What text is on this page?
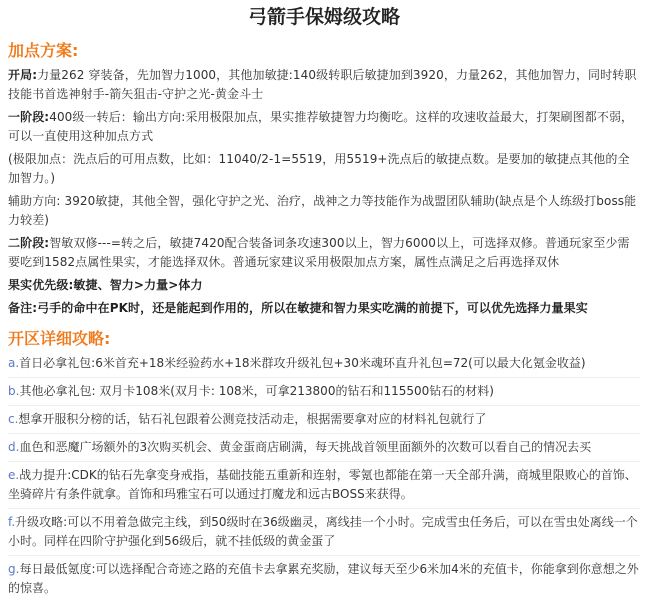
弓箭手保姆级攻略
加点方案:

开局:力量262 穿装备，先加智力1000，其他加敏捷:140级转职后敏捷加到3920，力量262，其他加智力，同时转职技能书首选神射手-箭矢狙击-守护之光-黄金斗士

一阶段:400级一转后：输出方向:采用极限加点，果实推荐敏捷智力均衡吃。这样的攻速收益最大，打架刷图都不弱，可以一直使用这种加点方式

(极限加点：洗点后的可用点数，比如：11040/2-1=5519，用5519+洗点后的敏捷点数。是要加的敏捷点其他的全加智力。)

辅助方向: 3920敏捷，其他全智，强化守护之光、治疗，战神之力等技能作为战盟团队辅助(缺点是个人练级打boss能力较差)

二阶段:智敏双修---=转之后，敏捷7420配合装备词条攻速300以上，智力6000以上，可选择双修。普通玩家至少需要吃到1582点属性果实，才能选择双休。普通玩家建议采用极限加点方案，属性点满足之后再选择双休

果实优先级:敏捷、智力>力量>体力

备注:弓手的命中在PK时，还是能起到作用的，所以在敏捷和智力果实吃满的前提下，可以优先选择力量果实

开区详细攻略:
a.首日必拿礼包:6米首充+18米经验药水+18米群攻升级礼包+30米魂环直升礼包=72(可以最大化氪金收益)
b.其他必拿礼包: 双月卡108米(双月卡: 108米，可拿213800的钻石和115500钻石的材料)
c.想拿开服积分榜的话，钻石礼包跟着公测竞技活动走，根据需要拿对应的材料礼包就行了
d.血色和恶魔广场额外的3次购买机会、黄金蛋商店刷满，每天挑战首领里面额外的次数可以看自己的情况去买
e.战力提升:CDK的钻石先拿变身戒指，基础技能五重新和连射，零氪也都能在第一天全部升满，商城里限败心的首饰、坐骑碎片有条件就拿。首饰和玛雅宝石可以通过打魔龙和远古BOSS来获得。
f.升级攻略:可以不用着急做完主线，到50级时在36级幽灵，离线挂一个小时。完成雪虫任务后，可以在雪虫处离线一个小时。同样在四阶守护强化到56级后，就不挂低级的黄金蛋了
g.每日最低氪度:可以选择配合奇迹之路的充值卡去拿累充奖励，建议每天至少6米加4米的充值卡，你能拿到你意想之外的惊喜。
